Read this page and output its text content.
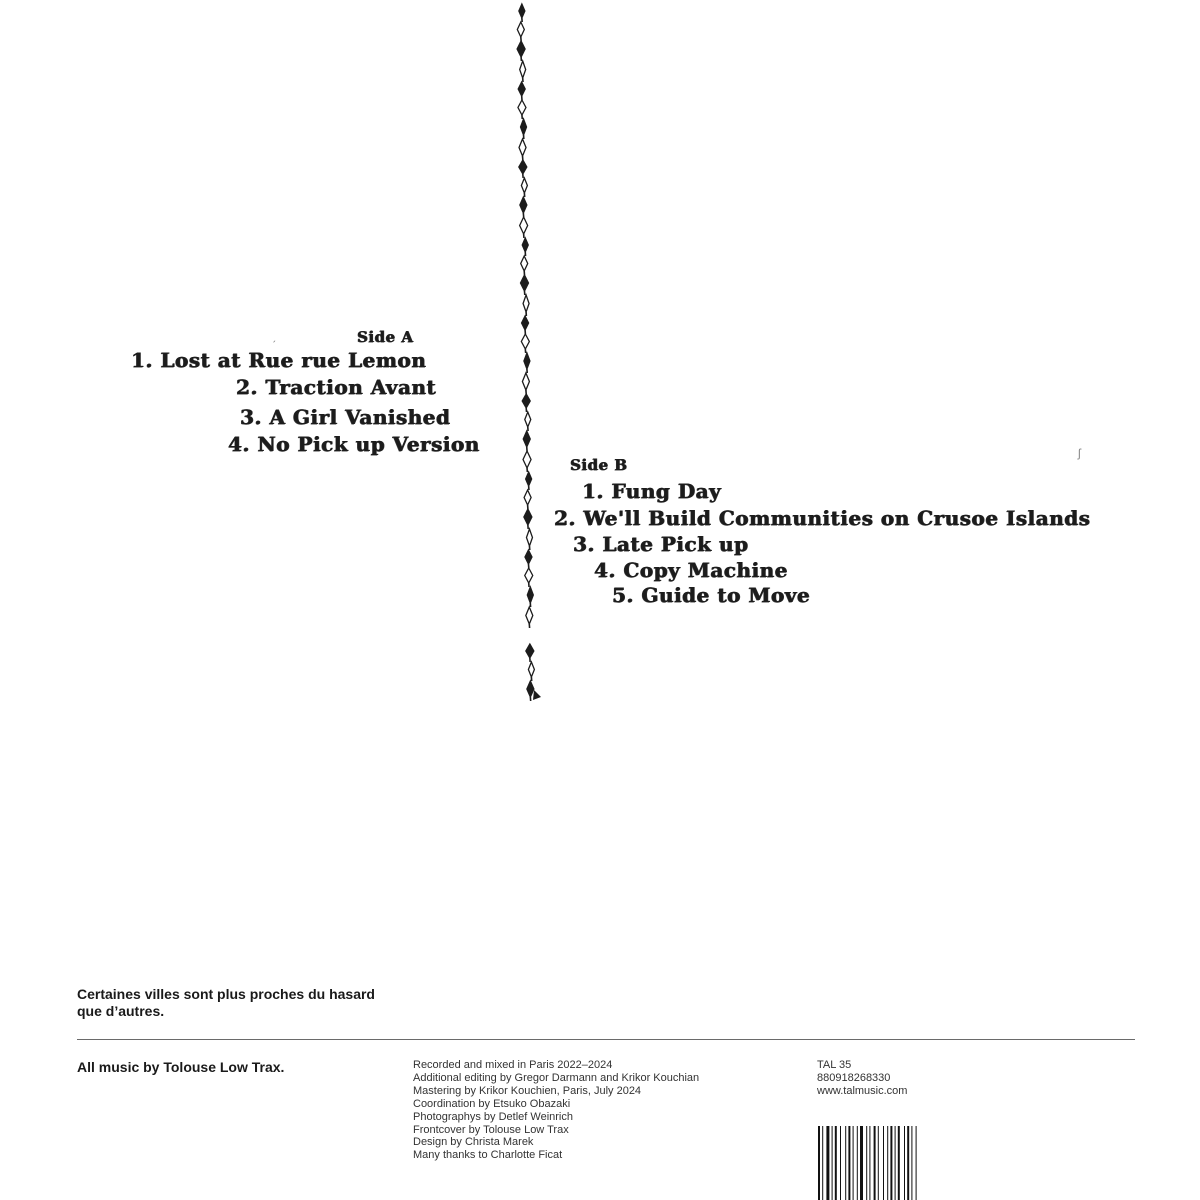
Side A
1. Lost at Rue rue Lemon
2. Traction Avant
3. A Girl Vanished
4. No Pick up Version
Side B
1. Fung Day
2. We'll Build Communities on Crusoe Islands
3. Late Pick up
4. Copy Machine
5. Guide to Move
ˏ
ʃ
Certaines villes sont plus proches du hasard que d’autres.
All music by Tolouse Low Trax.	Recorded and mixed in Paris 2022–2024
Additional editing by Gregor Darmann and Krikor Kouchian
Mastering by Krikor Kouchien, Paris, July 2024
Coordination by Etsuko Obazaki
Photographys by Detlef Weinrich
Frontcover by Tolouse Low Trax
Design by Christa Marek
Many thanks to Charlotte Ficat
TAL 35
880918268330
www.talmusic.com
